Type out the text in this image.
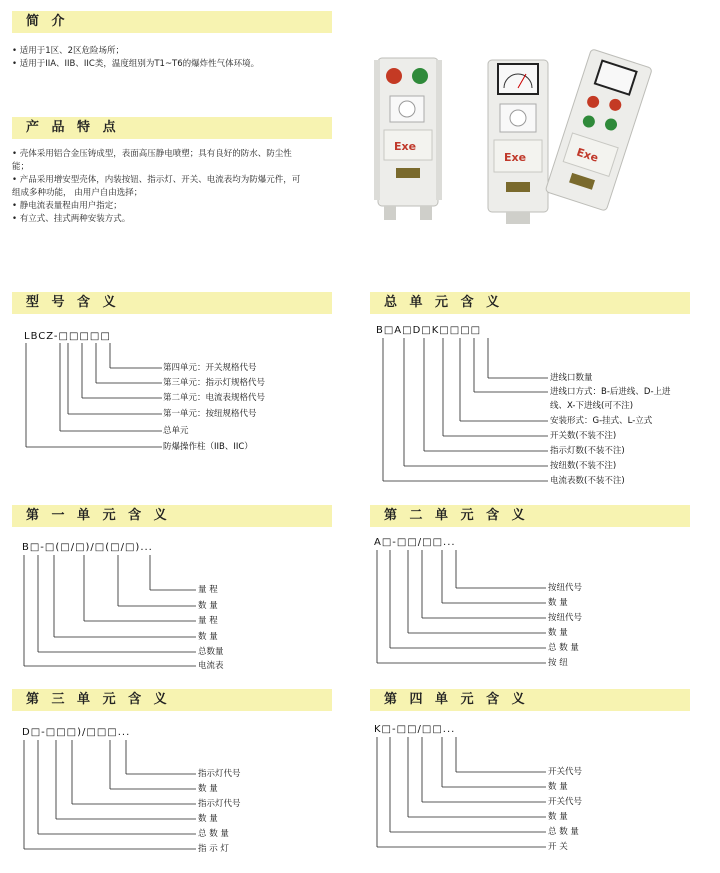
简 介
• 适用于1区、2区危险场所；
• 适用于IIA、IIB、IIC类，温度组别为T1~T6的爆炸性气体环境。
产 品 特 点
• 壳体采用铝合金压铸成型，表面高压静电喷塑；具有良好的防水、防尘性
能；
• 产品采用增安型壳体，内装按钮、指示灯、开关、电流表均为防爆元件，可
组成多种功能， 由用户自由选择；
• 静电流表量程由用户指定；
• 有立式、挂式两种安装方式。
Exe
Exe	Exe
型 号 含 义
LBCZ-□□□□□
第四单元：开关规格代号
第三单元：指示灯规格代号
第二单元：电流表规格代号
第一单元：按纽规格代号
总单元
防爆操作柱（IIB、IIC）
总 单 元 含 义
B□A□D□K□□□□
进线口数量
进线口方式：B-后进线、D-上进
线、X-下进线(可不注)
安装形式：G-挂式、L-立式
开关数(不装不注)
指示灯数(不装不注)
按纽数(不装不注)
电流表数(不装不注)
第 一 单 元 含 义
B□-□(□/□)/□(□/□)...
量 程
数 量
量 程
数 量
总数量
电流表
第 二 单 元 含 义
A□-□□/□□...
按纽代号
数 量
按纽代号
数 量
总 数 量
按 纽
第 三 单 元 含 义
D□-□□□)/□□□...
指示灯代号
数 量
指示灯代号
数 量
总 数 量
指 示 灯
第 四 单 元 含 义
K□-□□/□□...
开关代号
数 量
开关代号
数 量
总 数 量
开 关
